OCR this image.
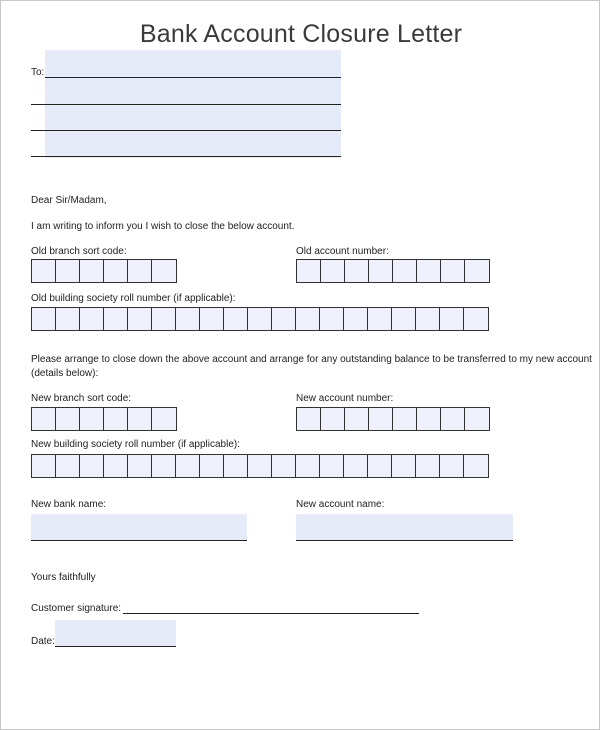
Bank Account Closure Letter
To:
Dear Sir/Madam,
I am writing to inform you I wish to close the below account.
Old branch sort code:	Old account number:
Old building society roll number (if applicable):
Please arrange to close down the above account and arrange for any outstanding balance to be transferred to my new account
(details below):
New branch sort code:	New account number:
New building society roll number (if applicable):
New bank name:	New account name:
Yours faithfully
Customer signature:
Date:
